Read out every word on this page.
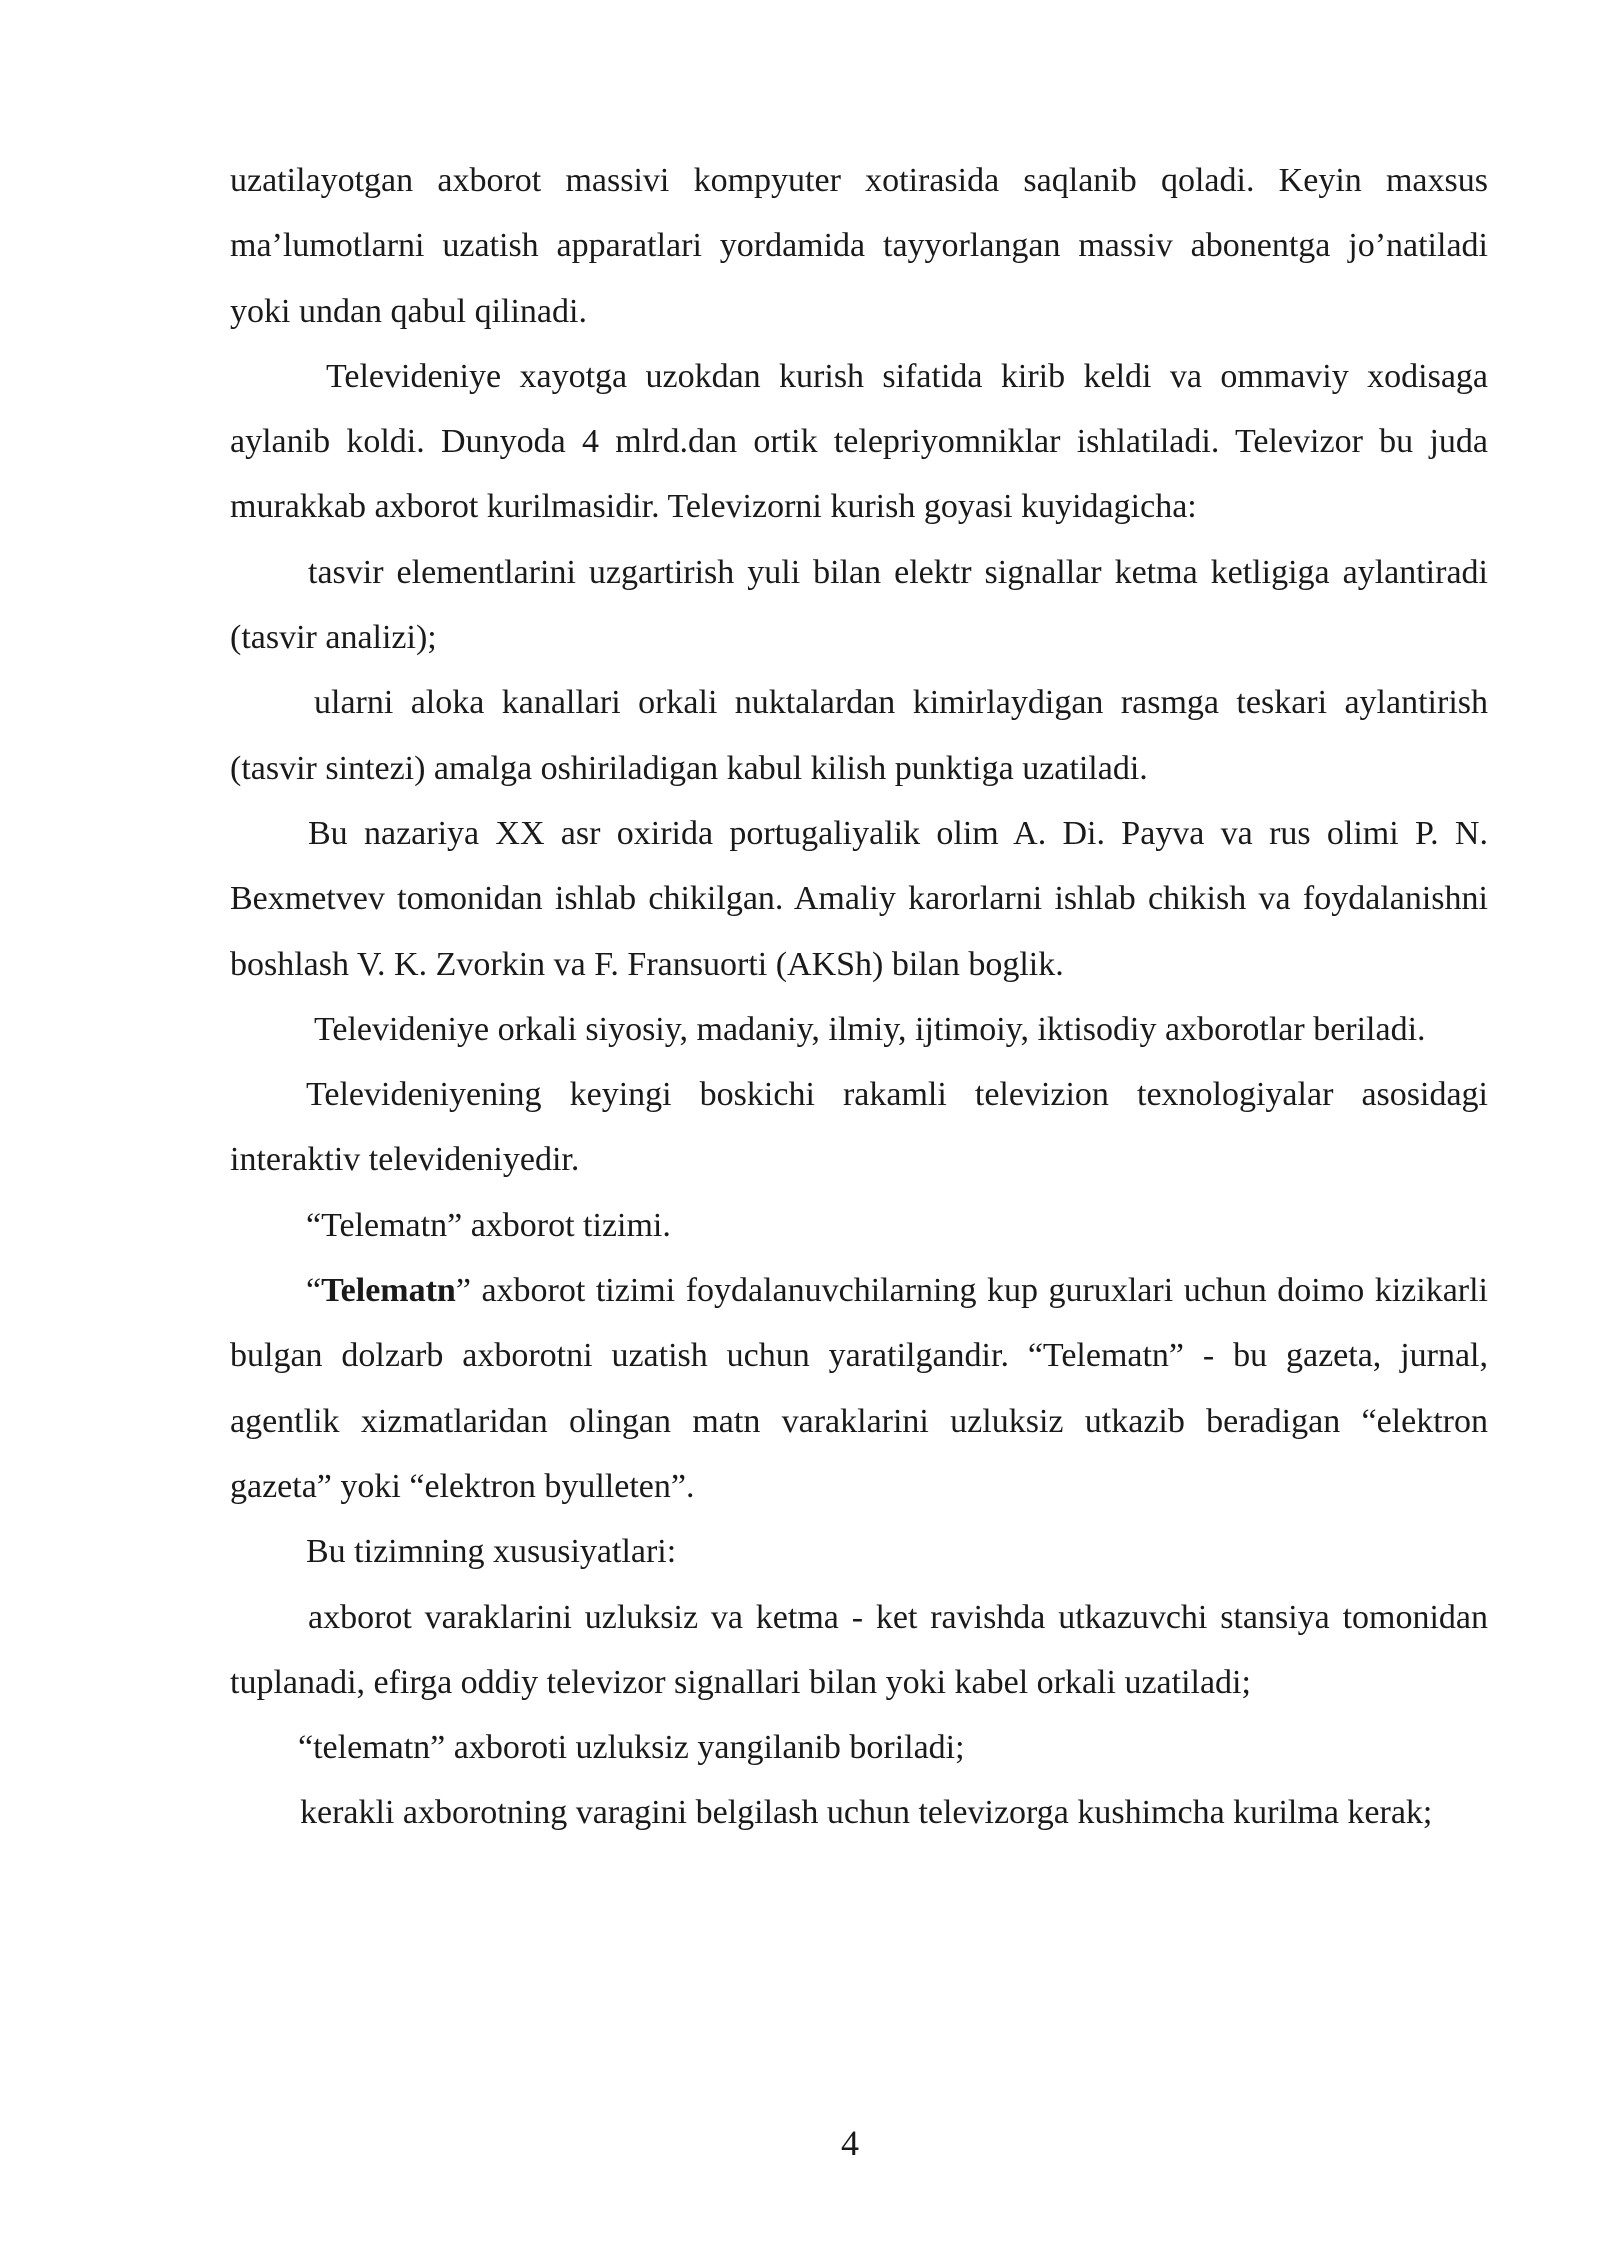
uzatilayotgan axborot massivi kompyuter xotirasida saqlanib qoladi. Keyin maxsus ma’lumotlarni uzatish apparatlari yordamida tayyorlangan massiv abonentga jo’natiladi yoki undan qabul qilinadi.

Televideniye xayotga uzokdan kurish sifatida kirib keldi va ommaviy xodisaga aylanib koldi. Dunyoda 4 mlrd.dan ortik telepriyomniklar ishlatiladi. Televizor bu juda murakkab axborot kurilmasidir. Televizorni kurish goyasi kuyidagicha:

tasvir elementlarini uzgartirish yuli bilan elektr signallar ketma ketligiga aylantiradi (tasvir analizi);

ularni aloka kanallari orkali nuktalardan kimirlaydigan rasmga teskari aylantirish (tasvir sintezi) amalga oshiriladigan kabul kilish punktiga uzatiladi.

Bu nazariya XX asr oxirida portugaliyalik olim A. Di. Payva va rus olimi P. N. Bexmetvev tomonidan ishlab chikilgan. Amaliy karorlarni ishlab chikish va foydalanishni boshlash V. K. Zvorkin va F. Fransuorti (AKSh) bilan boglik.

Televideniye orkali siyosiy, madaniy, ilmiy, ijtimoiy, iktisodiy axborotlar beriladi.

Televideniyening keyingi boskichi rakamli televizion texnologiyalar asosidagi interaktiv televideniyedir.

“Telematn” axborot tizimi.

“Telematn” axborot tizimi foydalanuvchilarning kup guruxlari uchun doimo kizikarli bulgan dolzarb axborotni uzatish uchun yaratilgandir. “Telematn” - bu gazeta, jurnal, agentlik xizmatlaridan olingan matn varaklarini uzluksiz utkazib beradigan “elektron gazeta” yoki “elektron byulleten”.

Bu tizimning xususiyatlari:

axborot varaklarini uzluksiz va ketma - ket ravishda utkazuvchi stansiya tomonidan tuplanadi, efirga oddiy televizor signallari bilan yoki kabel orkali uzatiladi;

“telematn” axboroti uzluksiz yangilanib boriladi;

kerakli axborotning varagini belgilash uchun televizorga kushimcha kurilma kerak;

4
